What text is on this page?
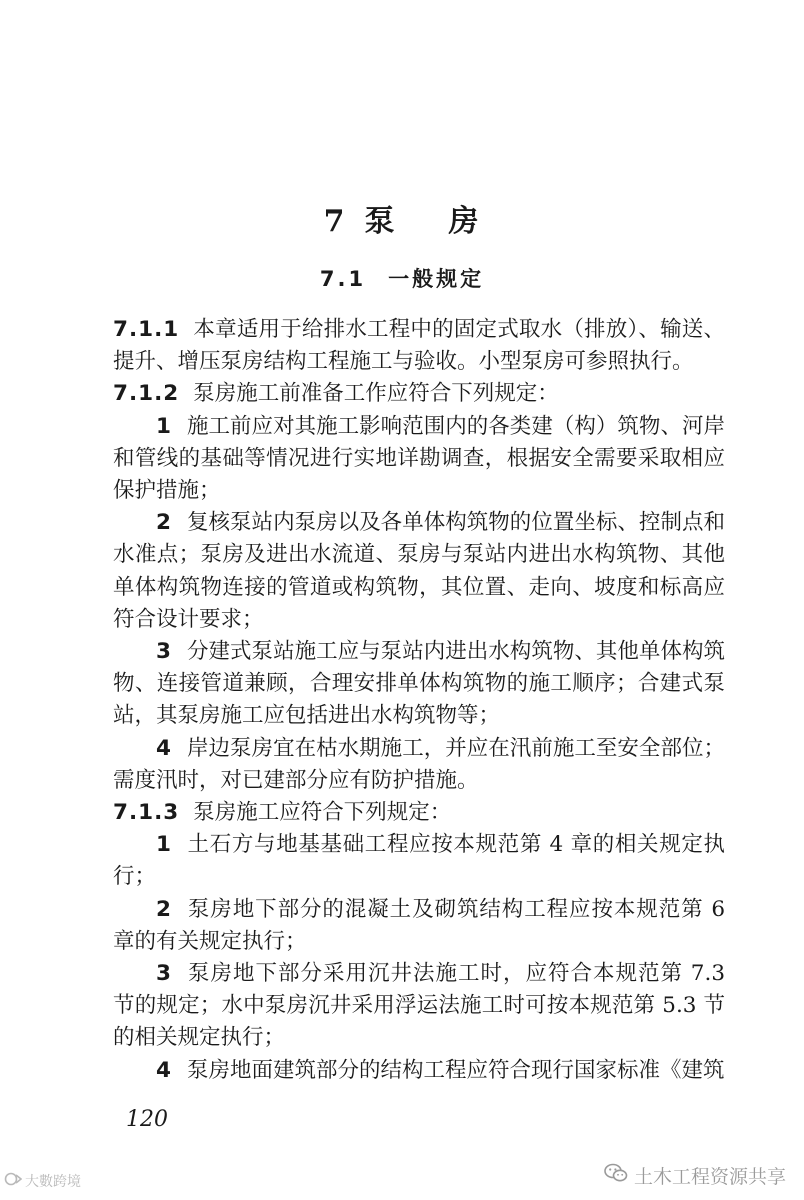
7 泵 房
7.1 一般规定

7.1.1 本章适用于给排水工程中的固定式取水（排放）、输送、提升、增压泵房结构工程施工与验收。小型泵房可参照执行。

7.1.2 泵房施工前准备工作应符合下列规定：

1 施工前应对其施工影响范围内的各类建（构）筑物、河岸和管线的基础等情况进行实地详勘调查，根据安全需要采取相应保护措施；

2 复核泵站内泵房以及各单体构筑物的位置坐标、控制点和水准点；泵房及进出水流道、泵房与泵站内进出水构筑物、其他单体构筑物连接的管道或构筑物，其位置、走向、坡度和标高应符合设计要求；

3 分建式泵站施工应与泵站内进出水构筑物、其他单体构筑物、连接管道兼顾，合理安排单体构筑物的施工顺序；合建式泵站，其泵房施工应包括进出水构筑物等；

4 岸边泵房宜在枯水期施工，并应在汛前施工至安全部位；需度汛时，对已建部分应有防护措施。

7.1.3 泵房施工应符合下列规定：

1 土石方与地基基础工程应按本规范第 4 章的相关规定执行；

2 泵房地下部分的混凝土及砌筑结构工程应按本规范第 6 章的有关规定执行；

3 泵房地下部分采用沉井法施工时，应符合本规范第 7.3 节的规定；水中泵房沉井采用浮运法施工时可按本规范第 5.3 节的相关规定执行；

4 泵房地面建筑部分的结构工程应符合现行国家标准《建筑

120
大數跨境	土木工程资源共享
